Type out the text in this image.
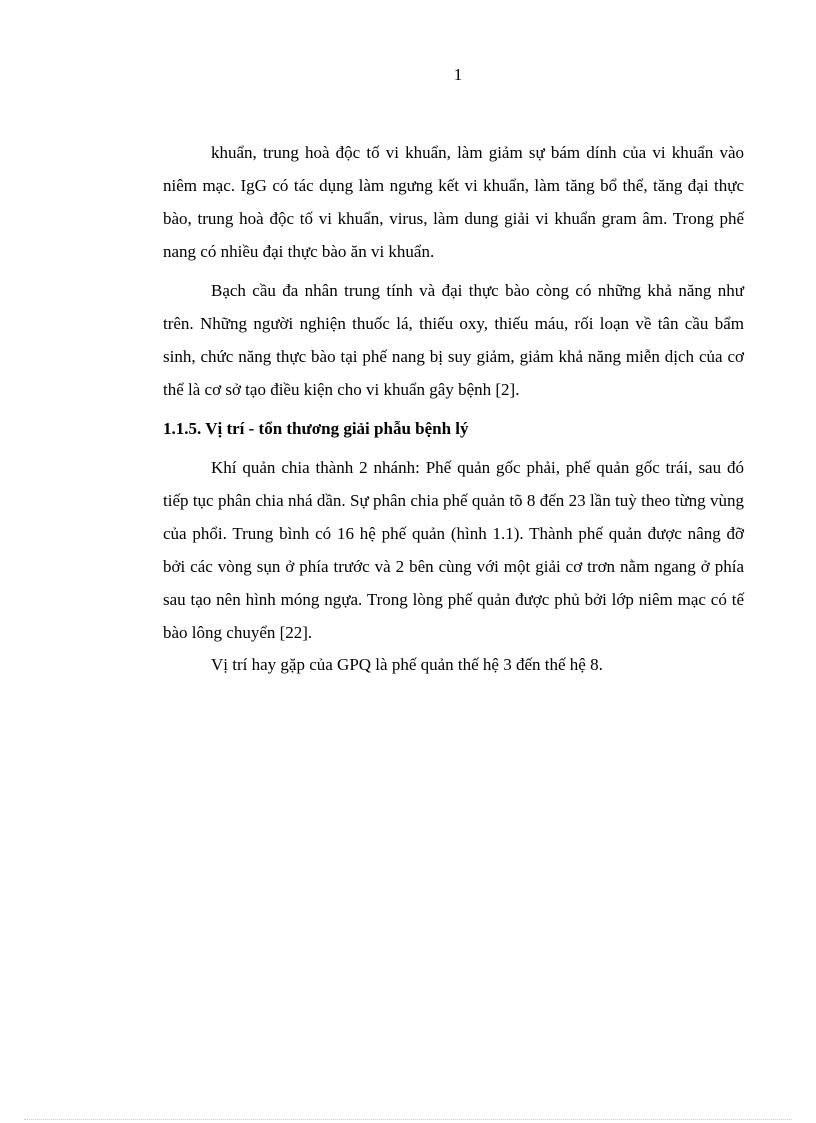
1

khuẩn, trung hoà độc tố vi khuẩn, làm giảm sự bám dính của vi khuẩn vào niêm mạc. IgG có tác dụng làm ngưng kết vi khuẩn, làm tăng bổ thể, tăng đại thực bào, trung hoà độc tố vi khuẩn, virus, làm dung giải vi khuẩn gram âm. Trong phế nang có nhiều đại thực bào ăn vi khuẩn.

Bạch cầu đa nhân trung tính và đại thực bào còng có những khả năng như trên. Những người nghiện thuốc lá, thiếu oxy, thiếu máu, rối loạn về tân cầu bẩm sinh, chức năng thực bào tại phế nang bị suy giảm, giảm khả năng miễn dịch của cơ thể là cơ sở tạo điều kiện cho vi khuẩn gây bệnh [2].

1.1.5. Vị trí - tổn thương giải phẫu bệnh lý

Khí quản chia thành 2 nhánh: Phế quản gốc phải, phế quản gốc trái, sau đó tiếp tục phân chia nhá dần. Sự phân chia phế quản tõ 8 đến 23 lần tuỳ theo từng vùng của phổi. Trung bình có 16 hệ phế quản (hình 1.1). Thành phế quản được nâng đỡ bởi các vòng sụn ở phía trước và 2 bên cùng với một giải cơ trơn nằm ngang ở phía sau tạo nên hình móng ngựa. Trong lòng phế quản được phủ bởi lớp niêm mạc có tế bào lông chuyển [22].

Vị trí hay gặp của GPQ là phế quản thế hệ 3 đến thế hệ 8.
